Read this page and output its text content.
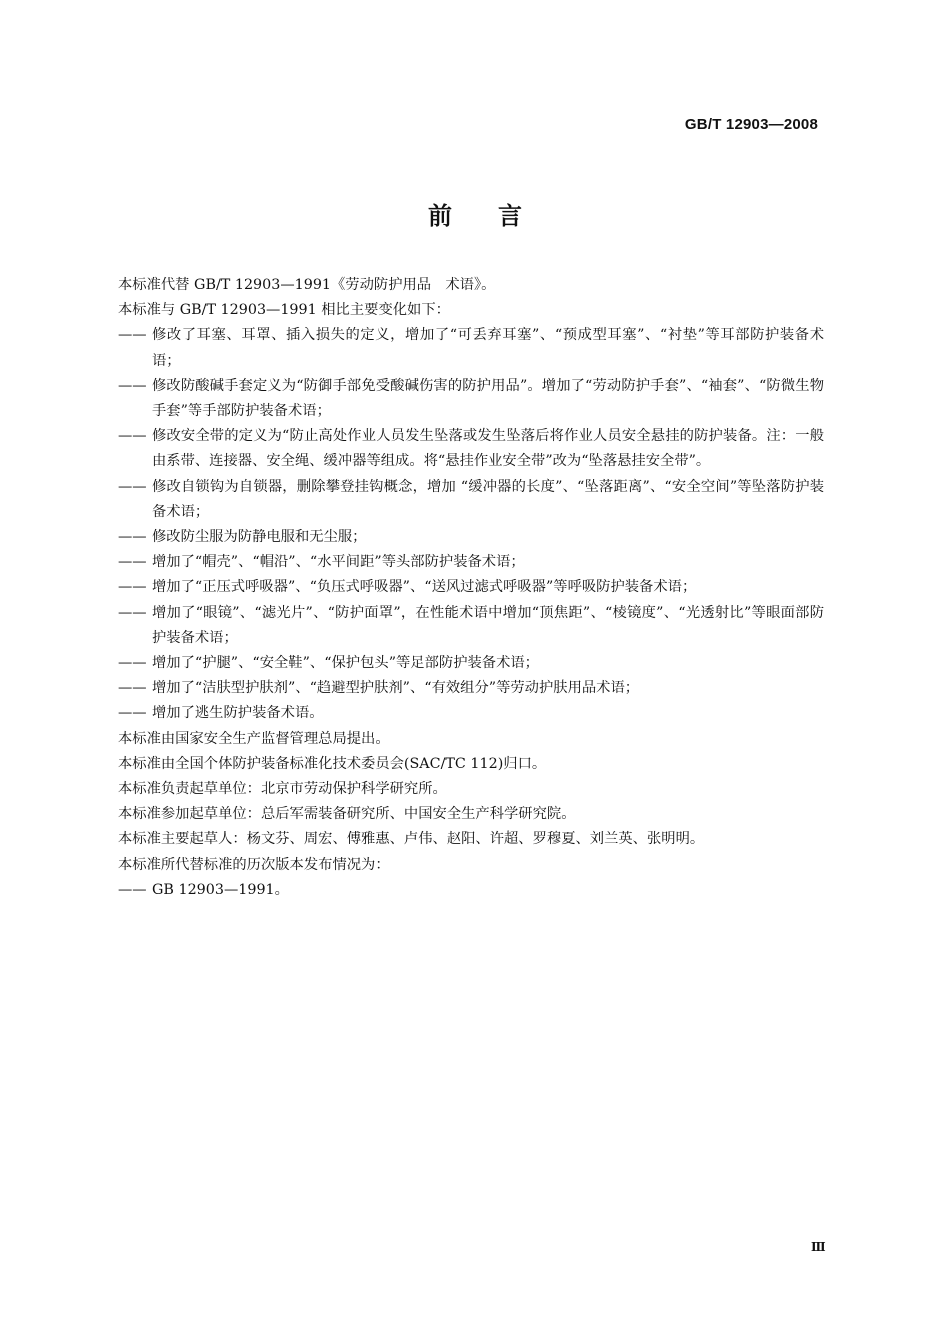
GB/T 12903—2008
前言

本标准代替 GB/T 12903—1991《劳动防护用品　术语》。

本标准与 GB/T 12903—1991 相比主要变化如下：

—— 修改了耳塞、耳罩、插入损失的定义，增加了“可丢弃耳塞”、“预成型耳塞”、“衬垫”等耳部防护装备术语；
—— 修改防酸碱手套定义为“防御手部免受酸碱伤害的防护用品”。增加了“劳动防护手套”、“袖套”、“防微生物手套”等手部防护装备术语；
—— 修改安全带的定义为“防止高处作业人员发生坠落或发生坠落后将作业人员安全悬挂的防护装备。注：一般由系带、连接器、安全绳、缓冲器等组成。将“悬挂作业安全带”改为“坠落悬挂安全带”。
—— 修改自锁钩为自锁器，删除攀登挂钩概念，增加 “缓冲器的长度”、“坠落距离”、“安全空间”等坠落防护装备术语；
—— 修改防尘服为防静电服和无尘服；
—— 增加了“帽壳”、“帽沿”、“水平间距”等头部防护装备术语；
—— 增加了“正压式呼吸器”、“负压式呼吸器”、“送风过滤式呼吸器”等呼吸防护装备术语；
—— 增加了“眼镜”、“滤光片”、“防护面罩”，在性能术语中增加“顶焦距”、“棱镜度”、“光透射比”等眼面部防护装备术语；
—— 增加了“护腿”、“安全鞋”、“保护包头”等足部防护装备术语；
—— 增加了“洁肤型护肤剂”、“趋避型护肤剂”、“有效组分”等劳动护肤用品术语；
—— 增加了逃生防护装备术语。

本标准由国家安全生产监督管理总局提出。

本标准由全国个体防护装备标准化技术委员会(SAC/TC 112)归口。

本标准负责起草单位：北京市劳动保护科学研究所。

本标准参加起草单位：总后军需装备研究所、中国安全生产科学研究院。

本标准主要起草人：杨文芬、周宏、傅雅惠、卢伟、赵阳、许超、罗穆夏、刘兰英、张明明。

本标准所代替标准的历次版本发布情况为：

—— GB 12903—1991。
Ⅲ
